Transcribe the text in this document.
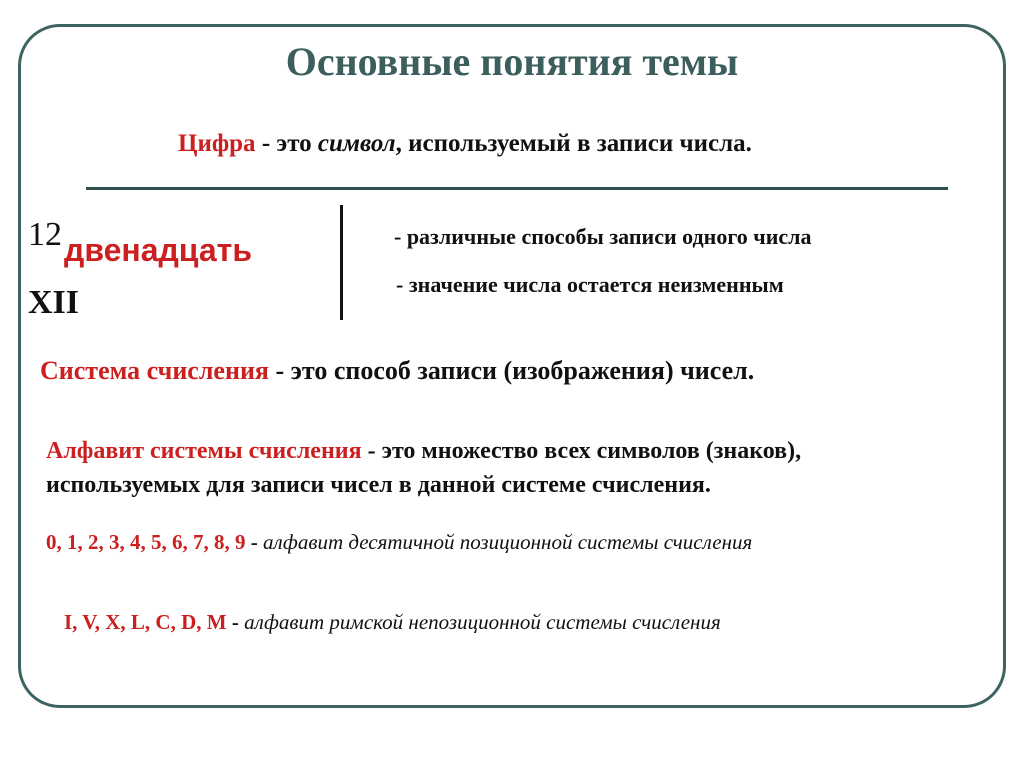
Основные понятия темы
Цифра - это символ, используемый в записи числа.
12 двенадцать
XII
- различные способы записи одного числа
- значение числа остается неизменным
Система счисления - это способ записи (изображения) чисел.
Алфавит системы счисления - это множество всех символов (знаков),
используемых для записи чисел в данной системе счисления.
0, 1, 2, 3, 4, 5, 6, 7, 8, 9 - алфавит десятичной позиционной системы счисления
I, V, X, L, C, D, M - алфавит римской непозиционной системы счисления
